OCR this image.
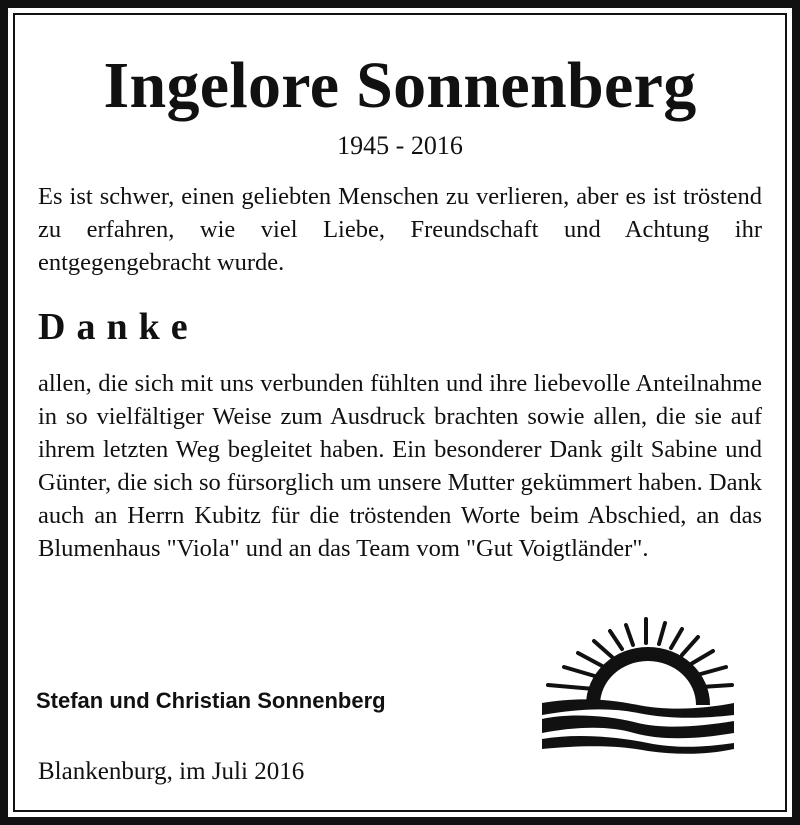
Ingelore Sonnenberg
1945 - 2016
Es ist schwer, einen geliebten Menschen zu verlieren, aber es ist tröstend zu erfahren, wie viel Liebe, Freundschaft und Achtung ihr entgegengebracht wurde.
Danke
allen, die sich mit uns verbunden fühlten und ihre liebevolle Anteilnahme in so vielfältiger Weise zum Ausdruck brachten sowie allen, die sie auf ihrem letzten Weg begleitet haben. Ein besonderer Dank gilt Sabine und Günter, die sich so fürsorglich um unsere Mutter gekümmert haben. Dank auch an Herrn Kubitz für die tröstenden Worte beim Abschied, an das Blumenhaus "Viola" und an das Team vom "Gut Voigtländer".
Stefan und Christian Sonnenberg
Blankenburg, im Juli 2016
